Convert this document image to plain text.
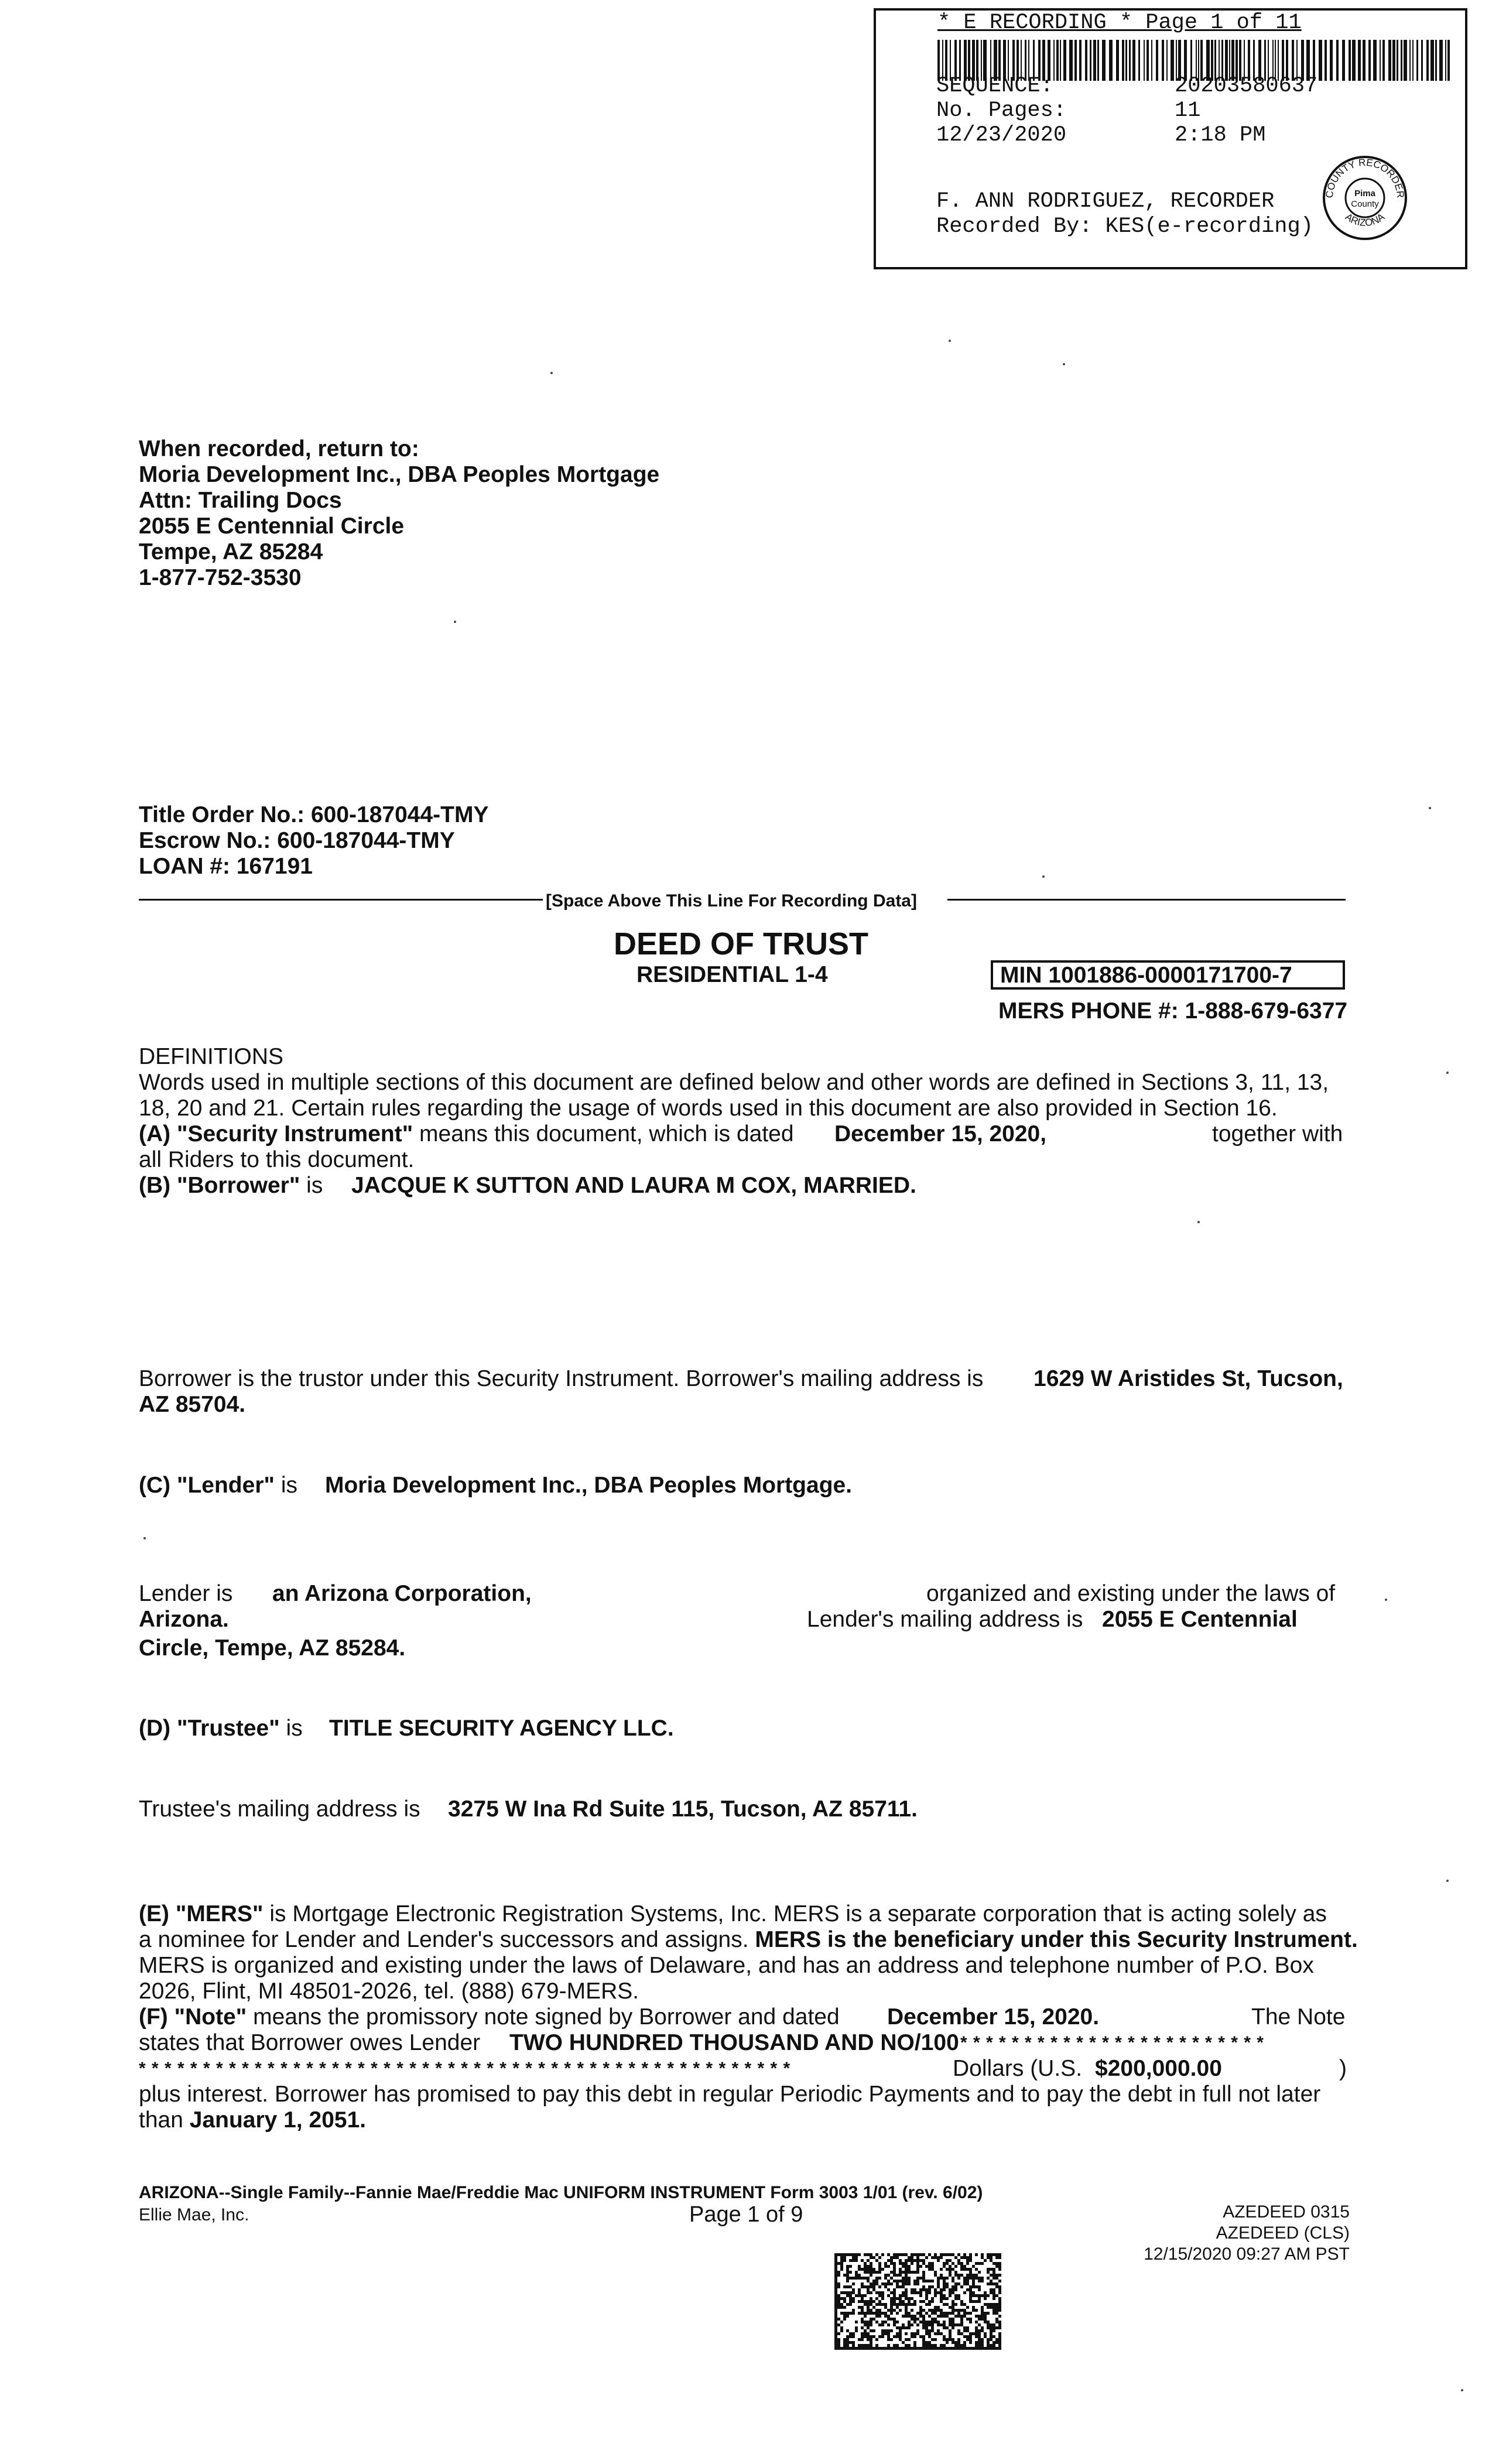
* E RECORDING * Page 1 of 11
SEQUENCE:	20203580637
No. Pages:	11
12/23/2020	2:18 PM
F. ANN RODRIGUEZ, RECORDER
Recorded By: KES(e-recording)
COUNTY RECORDER
ARIZONA
Pima
County
When recorded, return to:
Moria Development Inc., DBA Peoples Mortgage
Attn: Trailing Docs
2055 E Centennial Circle
Tempe, AZ 85284
1-877-752-3530
Title Order No.: 600-187044-TMY
Escrow No.: 600-187044-TMY
LOAN #: 167191
[Space Above This Line For Recording Data]
DEED OF TRUST
RESIDENTIAL 1-4	MIN 1001886-0000171700-7
MERS PHONE #: 1-888-679-6377
DEFINITIONS
Words used in multiple sections of this document are defined below and other words are defined in Sections 3, 11, 13,
18, 20 and 21. Certain rules regarding the usage of words used in this document are also provided in Section 16.
(A) "Security Instrument" means this document, which is dated December 15, 2020,	together with
all Riders to this document.
(B) "Borrower" is JACQUE K SUTTON AND LAURA M COX, MARRIED.
Borrower is the trustor under this Security Instrument. Borrower's mailing address is 1629 W Aristides St, Tucson,
AZ 85704.
(C) "Lender" is Moria Development Inc., DBA Peoples Mortgage.
Lender is an Arizona Corporation,	organized and existing under the laws of
Arizona.	Lender's mailing address is 2055 E Centennial
Circle, Tempe, AZ 85284.
(D) "Trustee" is TITLE SECURITY AGENCY LLC.
Trustee's mailing address is 3275 W Ina Rd Suite 115, Tucson, AZ 85711.
(E) "MERS" is Mortgage Electronic Registration Systems, Inc. MERS is a separate corporation that is acting solely as
a nominee for Lender and Lender's successors and assigns. MERS is the beneficiary under this Security Instrument.
MERS is organized and existing under the laws of Delaware, and has an address and telephone number of P.O. Box
2026, Flint, MI 48501-2026, tel. (888) 679-MERS.
(F) "Note" means the promissory note signed by Borrower and dated December 15, 2020.	The Note
states that Borrower owes Lender TWO HUNDRED THOUSAND AND NO/100 * * * * * * * * * * * * * * * * * * * * * * * *
* * * * * * * * * * * * * * * * * * * * * * * * * * * * * * * * * * * * * * * * * * * * * * * * * * *	Dollars (U.S. $200,000.00	)
plus interest. Borrower has promised to pay this debt in regular Periodic Payments and to pay the debt in full not later
than January 1, 2051.
ARIZONA--Single Family--Fannie Mae/Freddie Mac UNIFORM INSTRUMENT Form 3003 1/01 (rev. 6/02)
Ellie Mae, Inc.	Page 1 of 9	AZEDEED 0315
AZEDEED (CLS)
12/15/2020 09:27 AM PST
